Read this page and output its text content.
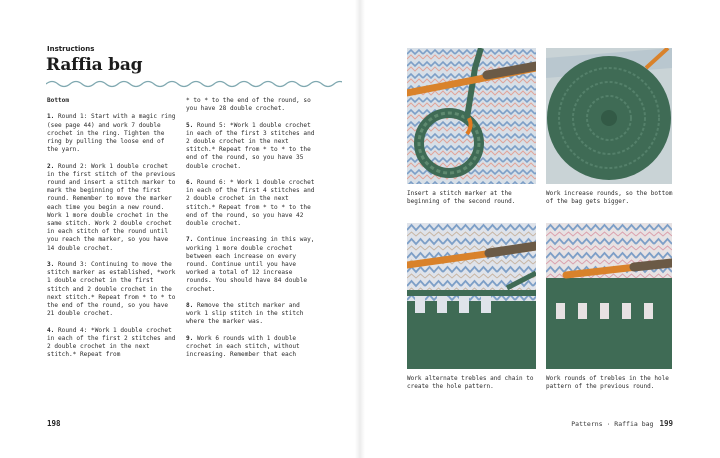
Instructions
Raffia bag

Bottom

1. Round 1: Start with a magic ring (see page 44) and work 7 double crochet in the ring. Tighten the ring by pulling the loose end of the yarn.

2. Round 2: Work 1 double crochet in the first stitch of the previous round and insert a stitch marker to mark the beginning of the first round. Remember to move the marker each time you begin a new round. Work 1 more double crochet in the same stitch. Work 2 double crochet in each stitch of the round until you reach the marker, so you have 14 double crochet.

3. Round 3: Continuing to move the stitch marker as established, *work 1 double crochet in the first stitch and 2 double crochet in the next stitch.* Repeat from * to * to the end of the round, so you have 21 double crochet.

4. Round 4: *Work 1 double crochet in each of the first 2 stitches and 2 double crochet in the next stitch.* Repeat from

* to * to the end of the round, so you have 28 double crochet.

5. Round 5: *Work 1 double crochet in each of the first 3 stitches and 2 double crochet in the next stitch.* Repeat from * to * to the end of the round, so you have 35 double crochet.

6. Round 6: * Work 1 double crochet in each of the first 4 stitches and 2 double crochet in the next stitch.* Repeat from * to * to the end of the round, so you have 42 double crochet.

7. Continue increasing in this way, working 1 more double crochet between each increase on every round. Continue until you have worked a total of 12 increase rounds. You should have 84 double crochet.

8. Remove the stitch marker and work 1 slip stitch in the stitch where the marker was.

9. Work 6 rounds with 1 double crochet in each stitch, without increasing. Remember that each

198
Insert a stitch marker at the beginning of the second round.
Work increase rounds, so the bottom of the bag gets bigger.
Work alternate trebles and chain to create the hole pattern.
Work rounds of trebles in the hole pattern of the previous round.
Patterns · Raffia bag 199
